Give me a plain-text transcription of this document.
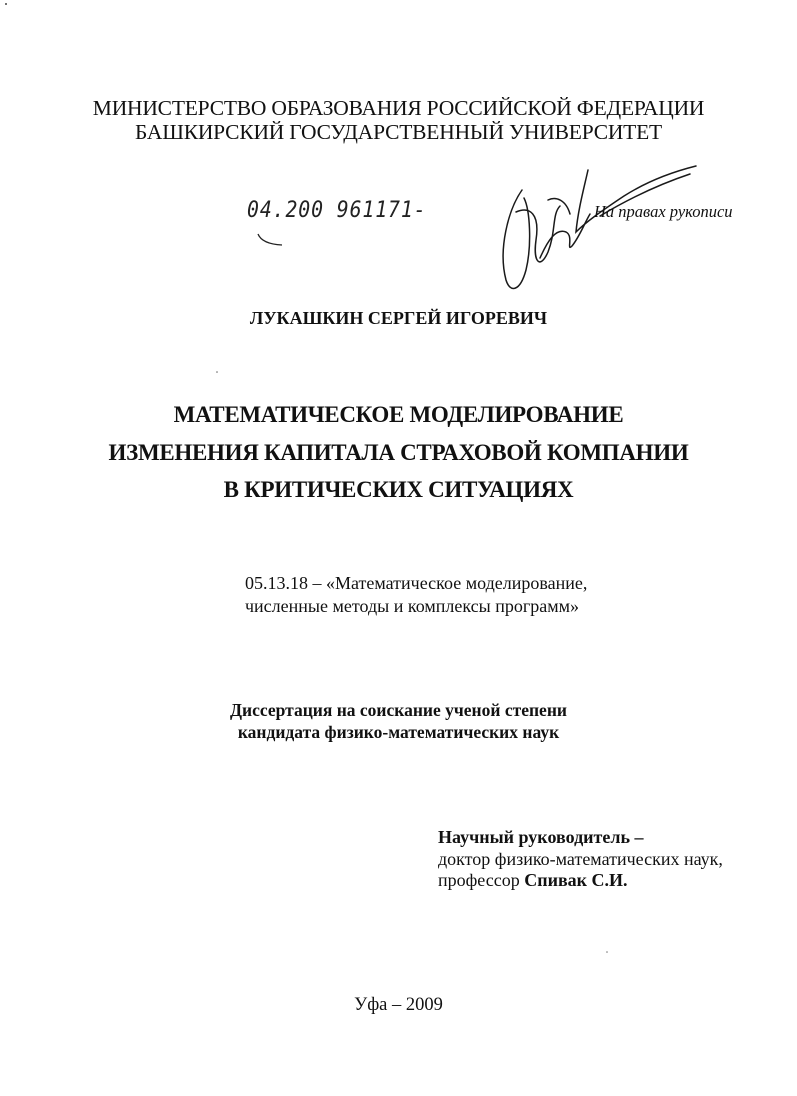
МИНИСТЕРСТВО ОБРАЗОВАНИЯ РОССИЙСКОЙ ФЕДЕРАЦИИ
БАШКИРСКИЙ ГОСУДАРСТВЕННЫЙ УНИВЕРСИТЕТ
04.200 961171-	На правах рукописи
ЛУКАШКИН СЕРГЕЙ ИГОРЕВИЧ
МАТЕМАТИЧЕСКОЕ МОДЕЛИРОВАНИЕ
ИЗМЕНЕНИЯ КАПИТАЛА СТРАХОВОЙ КОМПАНИИ
В КРИТИЧЕСКИХ СИТУАЦИЯХ
05.13.18 – «Математическое моделирование,
численные методы и комплексы программ»
Диссертация на соискание ученой степени
кандидата физико-математических наук
Научный руководитель –
доктор физико-математических наук,
профессор Спивак С.И.
Уфа – 2009
